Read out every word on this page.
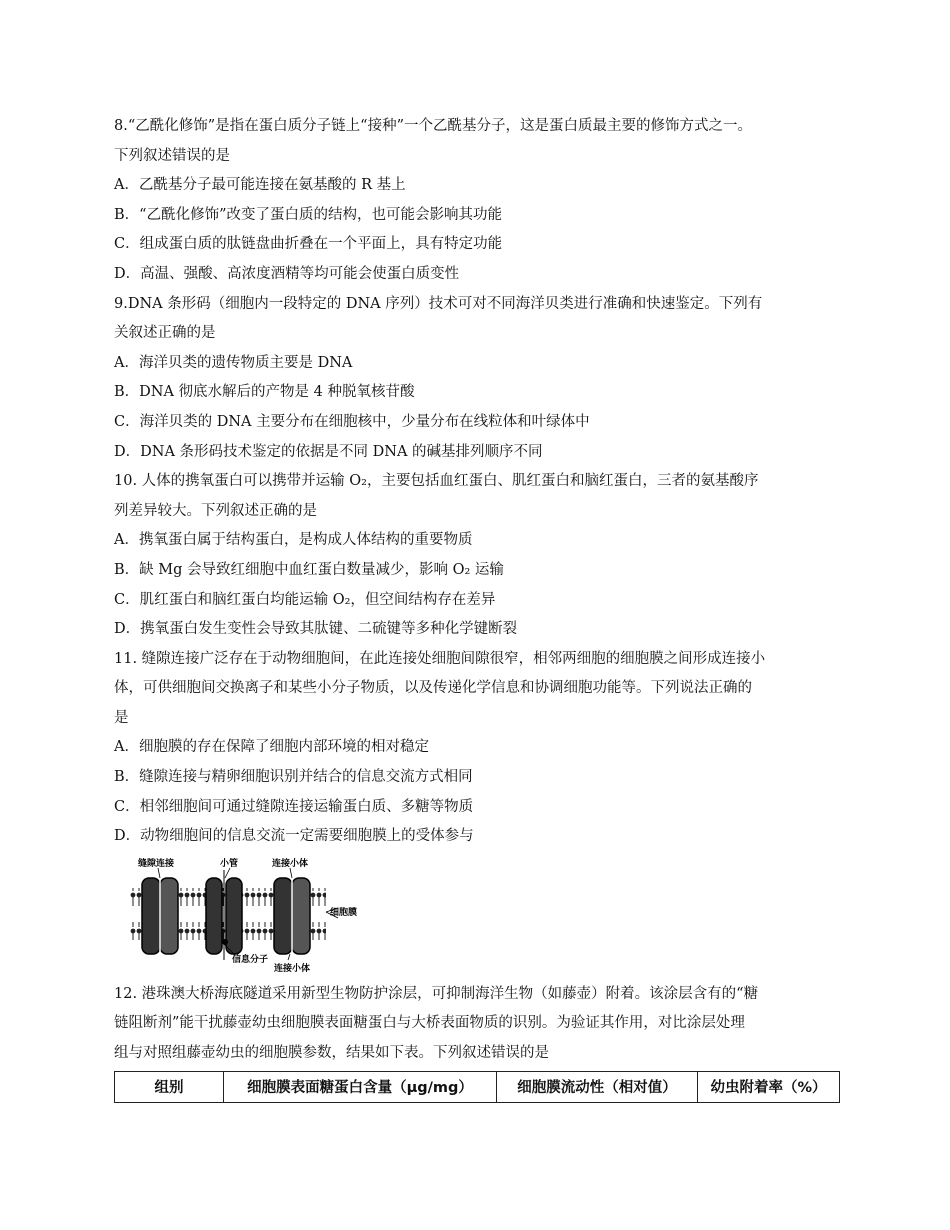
8.“乙酰化修饰”是指在蛋白质分子链上“接种”一个乙酰基分子，这是蛋白质最主要的修饰方式之一。
下列叙述错误的是
A．乙酰基分子最可能连接在氨基酸的 R 基上
B．“乙酰化修饰”改变了蛋白质的结构，也可能会影响其功能
C．组成蛋白质的肽链盘曲折叠在一个平面上，具有特定功能
D．高温、强酸、高浓度酒精等均可能会使蛋白质变性
9.DNA 条形码（细胞内一段特定的 DNA 序列）技术可对不同海洋贝类进行准确和快速鉴定。下列有
关叙述正确的是
A．海洋贝类的遗传物质主要是 DNA
B．DNA 彻底水解后的产物是 4 种脱氧核苷酸
C．海洋贝类的 DNA 主要分布在细胞核中，少量分布在线粒体和叶绿体中
D．DNA 条形码技术鉴定的依据是不同 DNA 的碱基排列顺序不同
10. 人体的携氧蛋白可以携带并运输 O₂，主要包括血红蛋白、肌红蛋白和脑红蛋白，三者的氨基酸序
列差异较大。下列叙述正确的是
A．携氧蛋白属于结构蛋白，是构成人体结构的重要物质
B．缺 Mg 会导致红细胞中血红蛋白数量减少，影响 O₂ 运输
C．肌红蛋白和脑红蛋白均能运输 O₂，但空间结构存在差异
D．携氧蛋白发生变性会导致其肽键、二硫键等多种化学键断裂
11. 缝隙连接广泛存在于动物细胞间，在此连接处细胞间隙很窄，相邻两细胞的细胞膜之间形成连接小
体，可供细胞间交换离子和某些小分子物质，以及传递化学信息和协调细胞功能等。下列说法正确的
是
A．细胞膜的存在保障了细胞内部环境的相对稳定
B．缝隙连接与精卵细胞识别并结合的信息交流方式相同
C．相邻细胞间可通过缝隙连接运输蛋白质、多糖等物质
D．动物细胞间的信息交流一定需要细胞膜上的受体参与
缝隙连接	小管	连接小体
细胞膜
信息分子
连接小体
12. 港珠澳大桥海底隧道采用新型生物防护涂层，可抑制海洋生物（如藤壶）附着。该涂层含有的“糖
链阻断剂”能干扰藤壶幼虫细胞膜表面糖蛋白与大桥表面物质的识别。为验证其作用，对比涂层处理
组与对照组藤壶幼虫的细胞膜参数，结果如下表。下列叙述错误的是
组别	细胞膜表面糖蛋白含量（μg/mg）	细胞膜流动性（相对值）	幼虫附着率（%）
